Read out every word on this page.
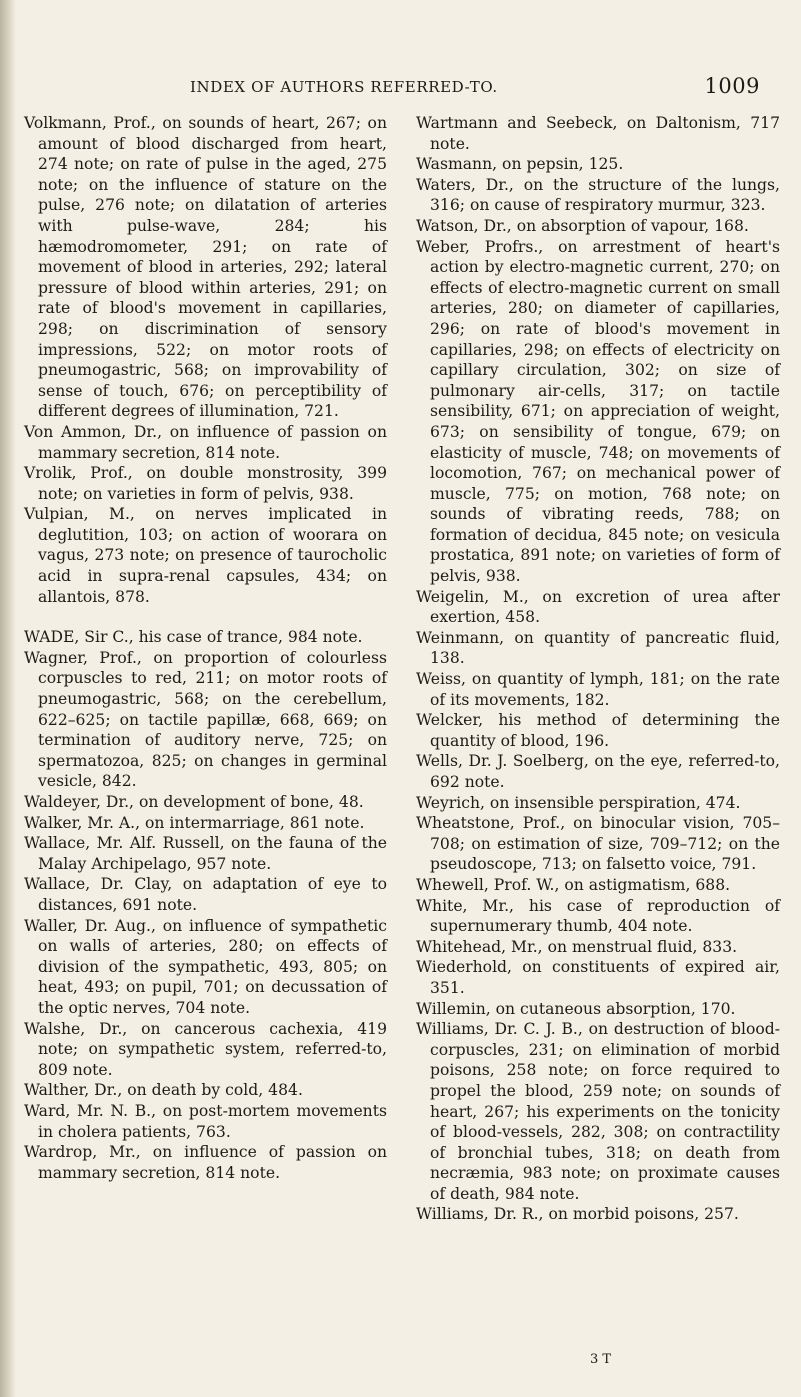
INDEX OF AUTHORS REFERRED-TO.	1009

Volkmann, Prof., on sounds of heart, 267; on amount of blood discharged from heart, 274 note; on rate of pulse in the aged, 275 note; on the influence of stature on the pulse, 276 note; on dilatation of arteries with pulse-wave, 284; his hæmodromometer, 291; on rate of movement of blood in arteries, 292; lateral pressure of blood within arteries, 291; on rate of blood's movement in capillaries, 298; on discrimination of sensory impressions, 522; on motor roots of pneumogastric, 568; on improvability of sense of touch, 676; on perceptibility of different degrees of illumination, 721.

Von Ammon, Dr., on influence of passion on mammary secretion, 814 note.

Vrolik, Prof., on double monstrosity, 399 note; on varieties in form of pelvis, 938.

Vulpian, M., on nerves implicated in deglutition, 103; on action of woorara on vagus, 273 note; on presence of taurocholic acid in supra-renal capsules, 434; on allantois, 878.

WADE, Sir C., his case of trance, 984 note.

Wagner, Prof., on proportion of colourless corpuscles to red, 211; on motor roots of pneumogastric, 568; on the cerebellum, 622–625; on tactile papillæ, 668, 669; on termination of auditory nerve, 725; on spermatozoa, 825; on changes in germinal vesicle, 842.

Waldeyer, Dr., on development of bone, 48.

Walker, Mr. A., on intermarriage, 861 note.

Wallace, Mr. Alf. Russell, on the fauna of the Malay Archipelago, 957 note.

Wallace, Dr. Clay, on adaptation of eye to distances, 691 note.

Waller, Dr. Aug., on influence of sympathetic on walls of arteries, 280; on effects of division of the sympathetic, 493, 805; on heat, 493; on pupil, 701; on decussation of the optic nerves, 704 note.

Walshe, Dr., on cancerous cachexia, 419 note; on sympathetic system, referred-to, 809 note.

Walther, Dr., on death by cold, 484.

Ward, Mr. N. B., on post-mortem movements in cholera patients, 763.

Wardrop, Mr., on influence of passion on mammary secretion, 814 note.

Wartmann and Seebeck, on Daltonism, 717 note.

Wasmann, on pepsin, 125.

Waters, Dr., on the structure of the lungs, 316; on cause of respiratory murmur, 323.

Watson, Dr., on absorption of vapour, 168.

Weber, Profrs., on arrestment of heart's action by electro-magnetic current, 270; on effects of electro-magnetic current on small arteries, 280; on diameter of capillaries, 296; on rate of blood's movement in capillaries, 298; on effects of electricity on capillary circulation, 302; on size of pulmonary air-cells, 317; on tactile sensibility, 671; on appreciation of weight, 673; on sensibility of tongue, 679; on elasticity of muscle, 748; on movements of locomotion, 767; on mechanical power of muscle, 775; on motion, 768 note; on sounds of vibrating reeds, 788; on formation of decidua, 845 note; on vesicula prostatica, 891 note; on varieties of form of pelvis, 938.

Weigelin, M., on excretion of urea after exertion, 458.

Weinmann, on quantity of pancreatic fluid, 138.

Weiss, on quantity of lymph, 181; on the rate of its movements, 182.

Welcker, his method of determining the quantity of blood, 196.

Wells, Dr. J. Soelberg, on the eye, referred-to, 692 note.

Weyrich, on insensible perspiration, 474.

Wheatstone, Prof., on binocular vision, 705–708; on estimation of size, 709–712; on the pseudoscope, 713; on falsetto voice, 791.

Whewell, Prof. W., on astigmatism, 688.

White, Mr., his case of reproduction of supernumerary thumb, 404 note.

Whitehead, Mr., on menstrual fluid, 833.

Wiederhold, on constituents of expired air, 351.

Willemin, on cutaneous absorption, 170.

Williams, Dr. C. J. B., on destruction of blood-corpuscles, 231; on elimination of morbid poisons, 258 note; on force required to propel the blood, 259 note; on sounds of heart, 267; his experiments on the tonicity of blood-vessels, 282, 308; on contractility of bronchial tubes, 318; on death from necræmia, 983 note; on proximate causes of death, 984 note.

Williams, Dr. R., on morbid poisons, 257.

3 T
